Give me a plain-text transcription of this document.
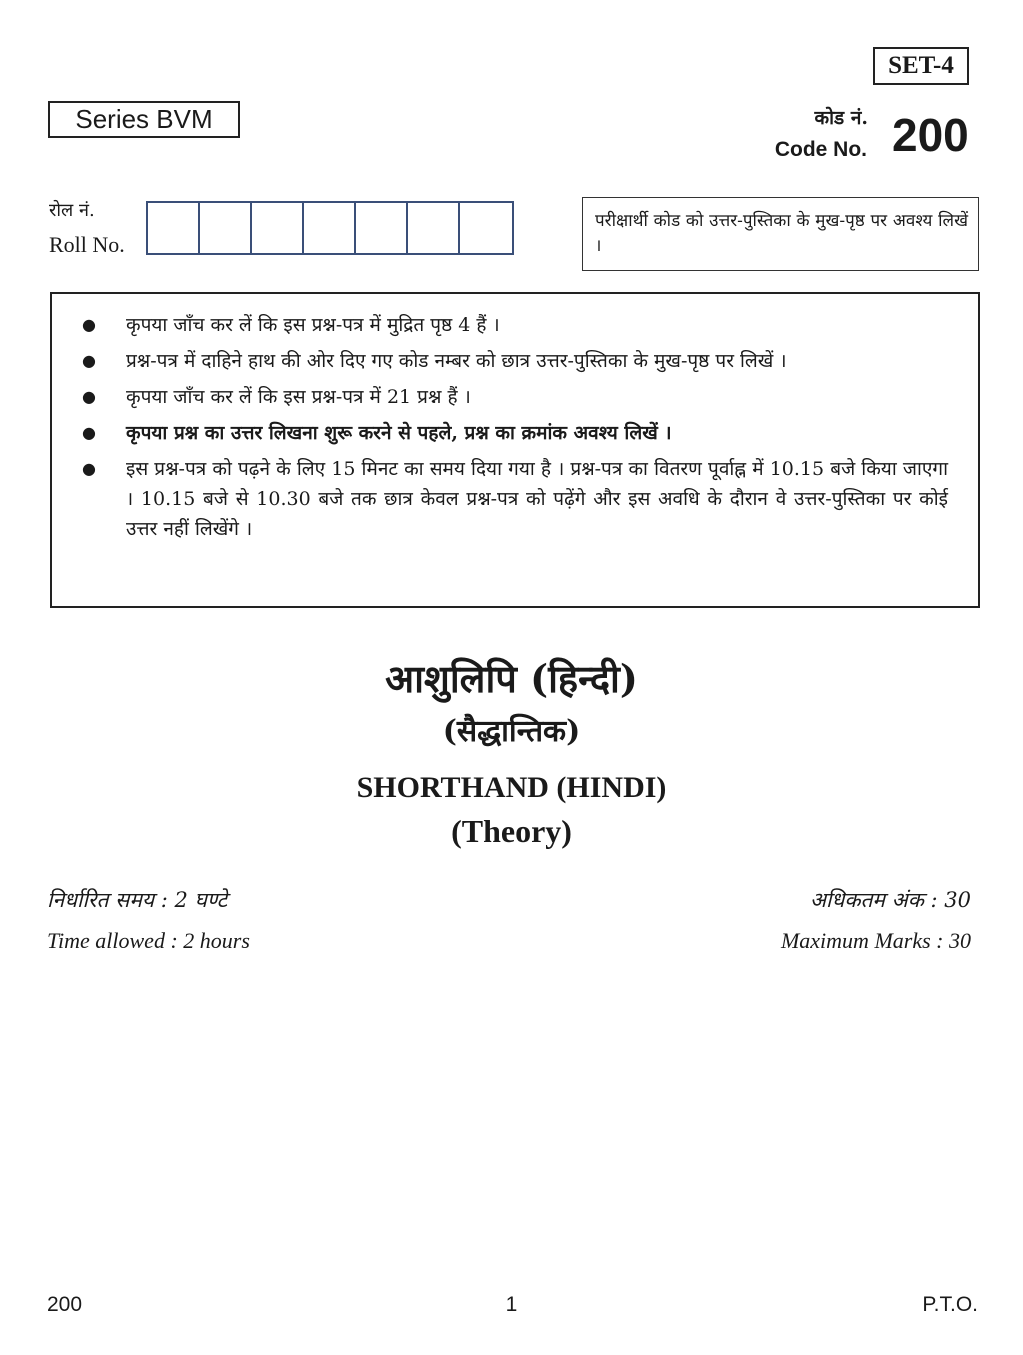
SET-4
Series BVM	कोड नं.
Code No. 200
रोल नं.
Roll No.
परीक्षार्थी कोड को उत्तर-पुस्तिका के मुख-पृष्ठ पर अवश्य लिखें ।
●	कृपया जाँच कर लें कि इस प्रश्न-पत्र में मुद्रित पृष्ठ 4 हैं ।
●	प्रश्न-पत्र में दाहिने हाथ की ओर दिए गए कोड नम्बर को छात्र उत्तर-पुस्तिका के मुख-पृष्ठ पर लिखें ।
●	कृपया जाँच कर लें कि इस प्रश्न-पत्र में 21 प्रश्न हैं ।
●	कृपया प्रश्न का उत्तर लिखना शुरू करने से पहले, प्रश्न का क्रमांक अवश्य लिखें ।
●	इस प्रश्न-पत्र को पढ़ने के लिए 15 मिनट का समय दिया गया है । प्रश्न-पत्र का वितरण पूर्वाह्न में 10.15 बजे किया जाएगा । 10.15 बजे से 10.30 बजे तक छात्र केवल प्रश्न-पत्र को पढ़ेंगे और इस अवधि के दौरान वे उत्तर-पुस्तिका पर कोई उत्तर नहीं लिखेंगे ।
आशुलिपि (हिन्दी)
(सैद्धान्तिक)
SHORTHAND (HINDI)
(Theory)
निर्धारित समय : 2 घण्टे
Time allowed : 2 hours
अधिकतम अंक : 30
Maximum Marks : 30
200	1	P.T.O.
